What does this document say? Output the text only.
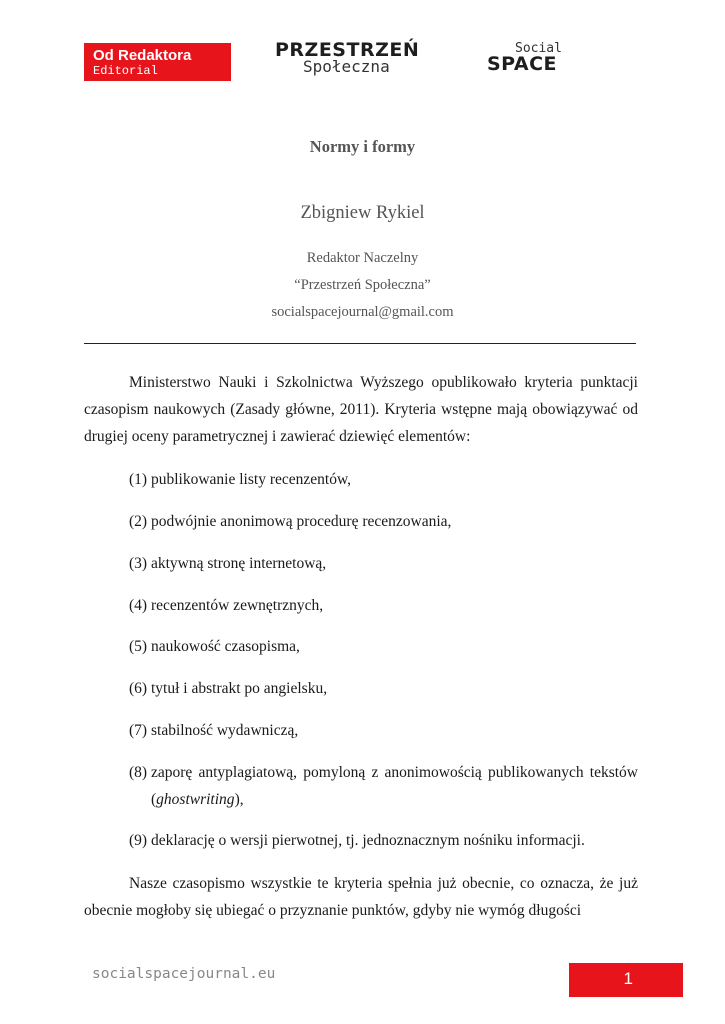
Od Redaktora
Editorial
PRZESTRZEŃ
Społeczna
Social
SPACE
Normy i formy
Zbigniew Rykiel
Redaktor Naczelny
“Przestrzeń Społeczna”
socialspacejournal@gmail.com

Ministerstwo Nauki i Szkolnictwa Wyższego opublikowało kryteria punktacji czasopism naukowych (Zasady główne, 2011). Kryteria wstępne mają obowiązywać od drugiej oceny parametrycznej i zawierać dziewięć elementów:

(1) publikowanie listy recenzentów,
(2) podwójnie anonimową procedurę recenzowania,
(3) aktywną stronę internetową,
(4) recenzentów zewnętrznych,
(5) naukowość czasopisma,
(6) tytuł i abstrakt po angielsku,
(7) stabilność wydawniczą,
(8) zaporę antyplagiatową, pomyloną z anonimowością publikowanych tekstów (ghostwriting),
(9) deklarację o wersji pierwotnej, tj. jednoznacznym nośniku informacji.

Nasze czasopismo wszystkie te kryteria spełnia już obecnie, co oznacza, że już obecnie mogłoby się ubiegać o przyznanie punktów, gdyby nie wymóg długości

socialspacejournal.eu	1
